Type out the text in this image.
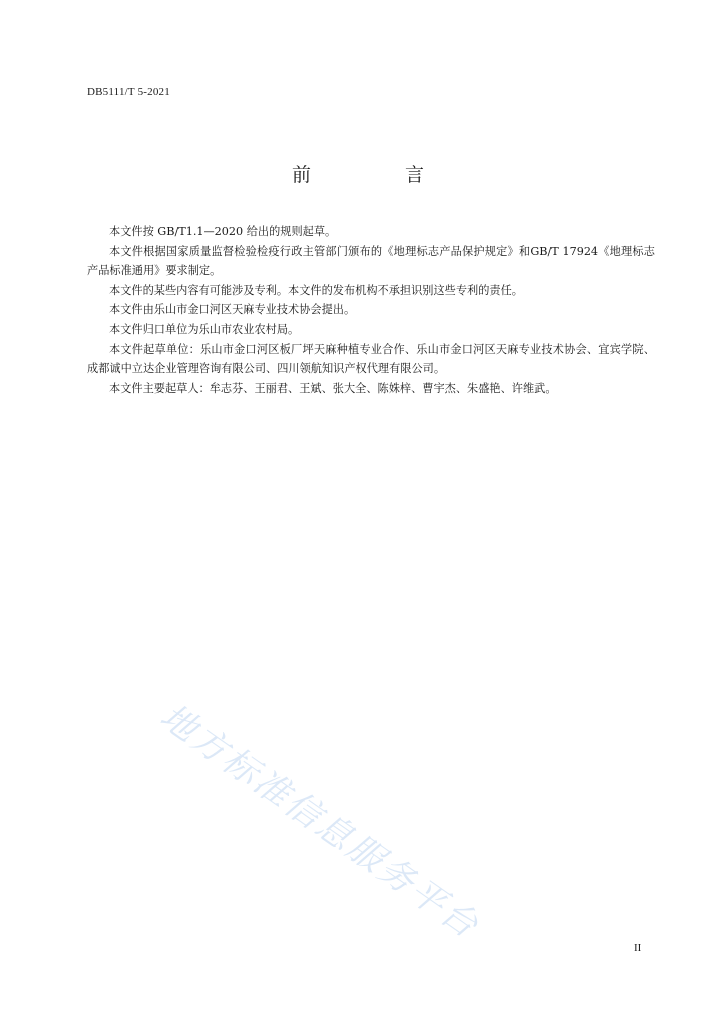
DB5111/T 5-2021
前 言

本文件按 GB/T1.1—2020 给出的规则起草。

本文件根据国家质量监督检验检疫行政主管部门颁布的《地理标志产品保护规定》和GB/T 17924《地理标志产品标准通用》要求制定。

本文件的某些内容有可能涉及专利。本文件的发布机构不承担识别这些专利的责任。

本文件由乐山市金口河区天麻专业技术协会提出。

本文件归口单位为乐山市农业农村局。

本文件起草单位：乐山市金口河区板厂坪天麻种植专业合作、乐山市金口河区天麻专业技术协会、宜宾学院、成都诚中立达企业管理咨询有限公司、四川领航知识产权代理有限公司。

本文件主要起草人：牟志芬、王丽君、王斌、张大全、陈姝梓、曹宇杰、朱盛艳、许维武。

地方标准信息服务平台
II
